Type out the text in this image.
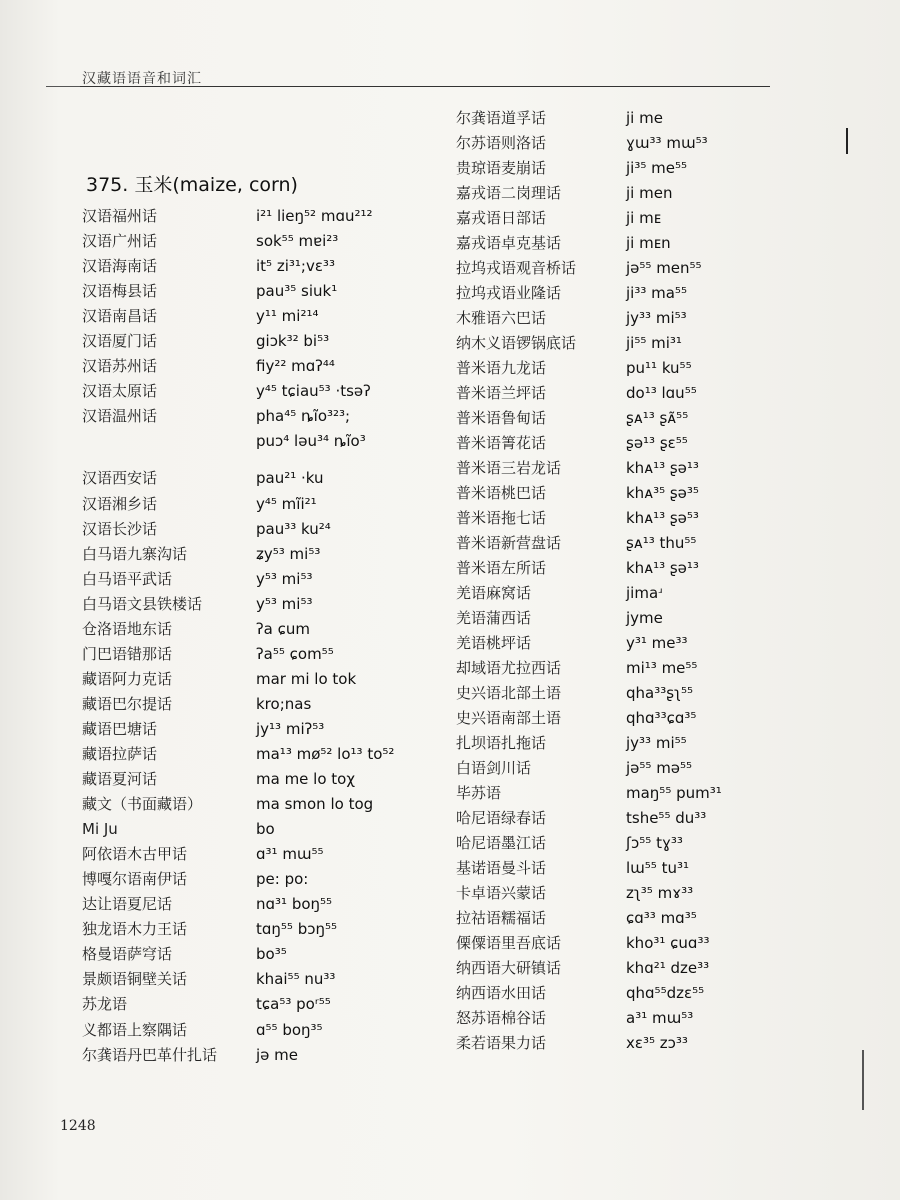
汉藏语语音和词汇
375. 玉米(maize, corn)
汉语福州话	i²¹ lieŋ⁵² mɑu²¹²
汉语广州话	sok⁵⁵ mɐi²³
汉语海南话	it⁵ zi³¹;vɛ³³
汉语梅县话	pau³⁵ siuk¹
汉语南昌话	y¹¹ mi²¹⁴
汉语厦门话	giɔk³² bi⁵³
汉语苏州话	fiy²² mɑʔ⁴⁴
汉语太原话	y⁴⁵ tɕiau⁵³ ·tsəʔ
汉语温州话	pha⁴⁵ ȵĩo³²³;
puɔ⁴ ləu³⁴ ȵĩo³
汉语西安话	pau²¹ ·ku
汉语湘乡话	y⁴⁵ mĩi²¹
汉语长沙话	pau³³ ku²⁴
白马语九寨沟话	ʑy⁵³ mi⁵³
白马语平武话	y⁵³ mi⁵³
白马语文县铁楼话	y⁵³ mi⁵³
仓洛语地东话	ʔa ɕum
门巴语错那话	ʔa⁵⁵ ɕom⁵⁵
藏语阿力克话	mar mi lo tok
藏语巴尔提话	kro;nas
藏语巴塘话	jy¹³ miʔ⁵³
藏语拉萨话	ma¹³ mø⁵² lo¹³ to⁵²
藏语夏河话	ma me lo toχ
藏文（书面藏语）	ma smon lo tog
Mi Ju	bo
阿依语木古甲话	ɑ³¹ mɯ⁵⁵
博嘎尔语南伊话	pe: po:
达让语夏尼话	nɑ³¹ boŋ⁵⁵
独龙语木力王话	tɑŋ⁵⁵ bɔŋ⁵⁵
格曼语萨穹话	bo³⁵
景颇语铜壁关话	khai⁵⁵ nu³³
苏龙语	tɕa⁵³ poʳ⁵⁵
义都语上察隅话	ɑ⁵⁵ boŋ³⁵
尔龚语丹巴革什扎话	jə me
尔龚语道孚话	ji me
尔苏语则洛话	ɣɯ³³ mɯ⁵³
贵琼语麦崩话	ji³⁵ me⁵⁵
嘉戎语二岗理话	ji men
嘉戎语日部话	ji mᴇ
嘉戎语卓克基话	ji mᴇn
拉坞戎语观音桥话	jə⁵⁵ men⁵⁵
拉坞戎语业隆话	ji³³ ma⁵⁵
木雅语六巴话	jy³³ mi⁵³
纳木义语锣锅底话	ji⁵⁵ mi³¹
普米语九龙话	pu¹¹ ku⁵⁵
普米语兰坪话	do¹³ lɑu⁵⁵
普米语鲁甸话	ʂᴀ¹³ ʂᴀ̃⁵⁵
普米语箐花话	ʂə¹³ ʂɛ⁵⁵
普米语三岩龙话	khᴀ¹³ ʂə¹³
普米语桃巴话	khᴀ³⁵ ʂə³⁵
普米语拖七话	khᴀ¹³ ʂə⁵³
普米语新营盘话	ʂᴀ¹³ thu⁵⁵
普米语左所话	khᴀ¹³ ʂə¹³
羌语麻窝话	jimaʴ
羌语蒲西话	jyme
羌语桃坪话	y³¹ me³³
却域语尤拉西话	mi¹³ me⁵⁵
史兴语北部土语	qha³³ʂʅ⁵⁵
史兴语南部土语	qhɑ³³ɕɑ³⁵
扎坝语扎拖话	jy³³ mi⁵⁵
白语剑川话	jə⁵⁵ mə⁵⁵
毕苏语	maŋ⁵⁵ pum³¹
哈尼语绿春话	tshe⁵⁵ du³³
哈尼语墨江话	ʃɔ⁵⁵ tɣ³³
基诺语曼斗话	lɯ⁵⁵ tu³¹
卡卓语兴蒙话	zʅ³⁵ mɤ³³
拉祜语糯福话	ɕɑ³³ mɑ³⁵
傈僳语里吾底话	kho³¹ ɕuɑ³³
纳西语大研镇话	khɑ²¹ dze³³
纳西语水田话	qhɑ⁵⁵dzɛ⁵⁵
怒苏语棉谷话	a³¹ mɯ⁵³
柔若语果力话	xɛ³⁵ zɔ³³
1248
